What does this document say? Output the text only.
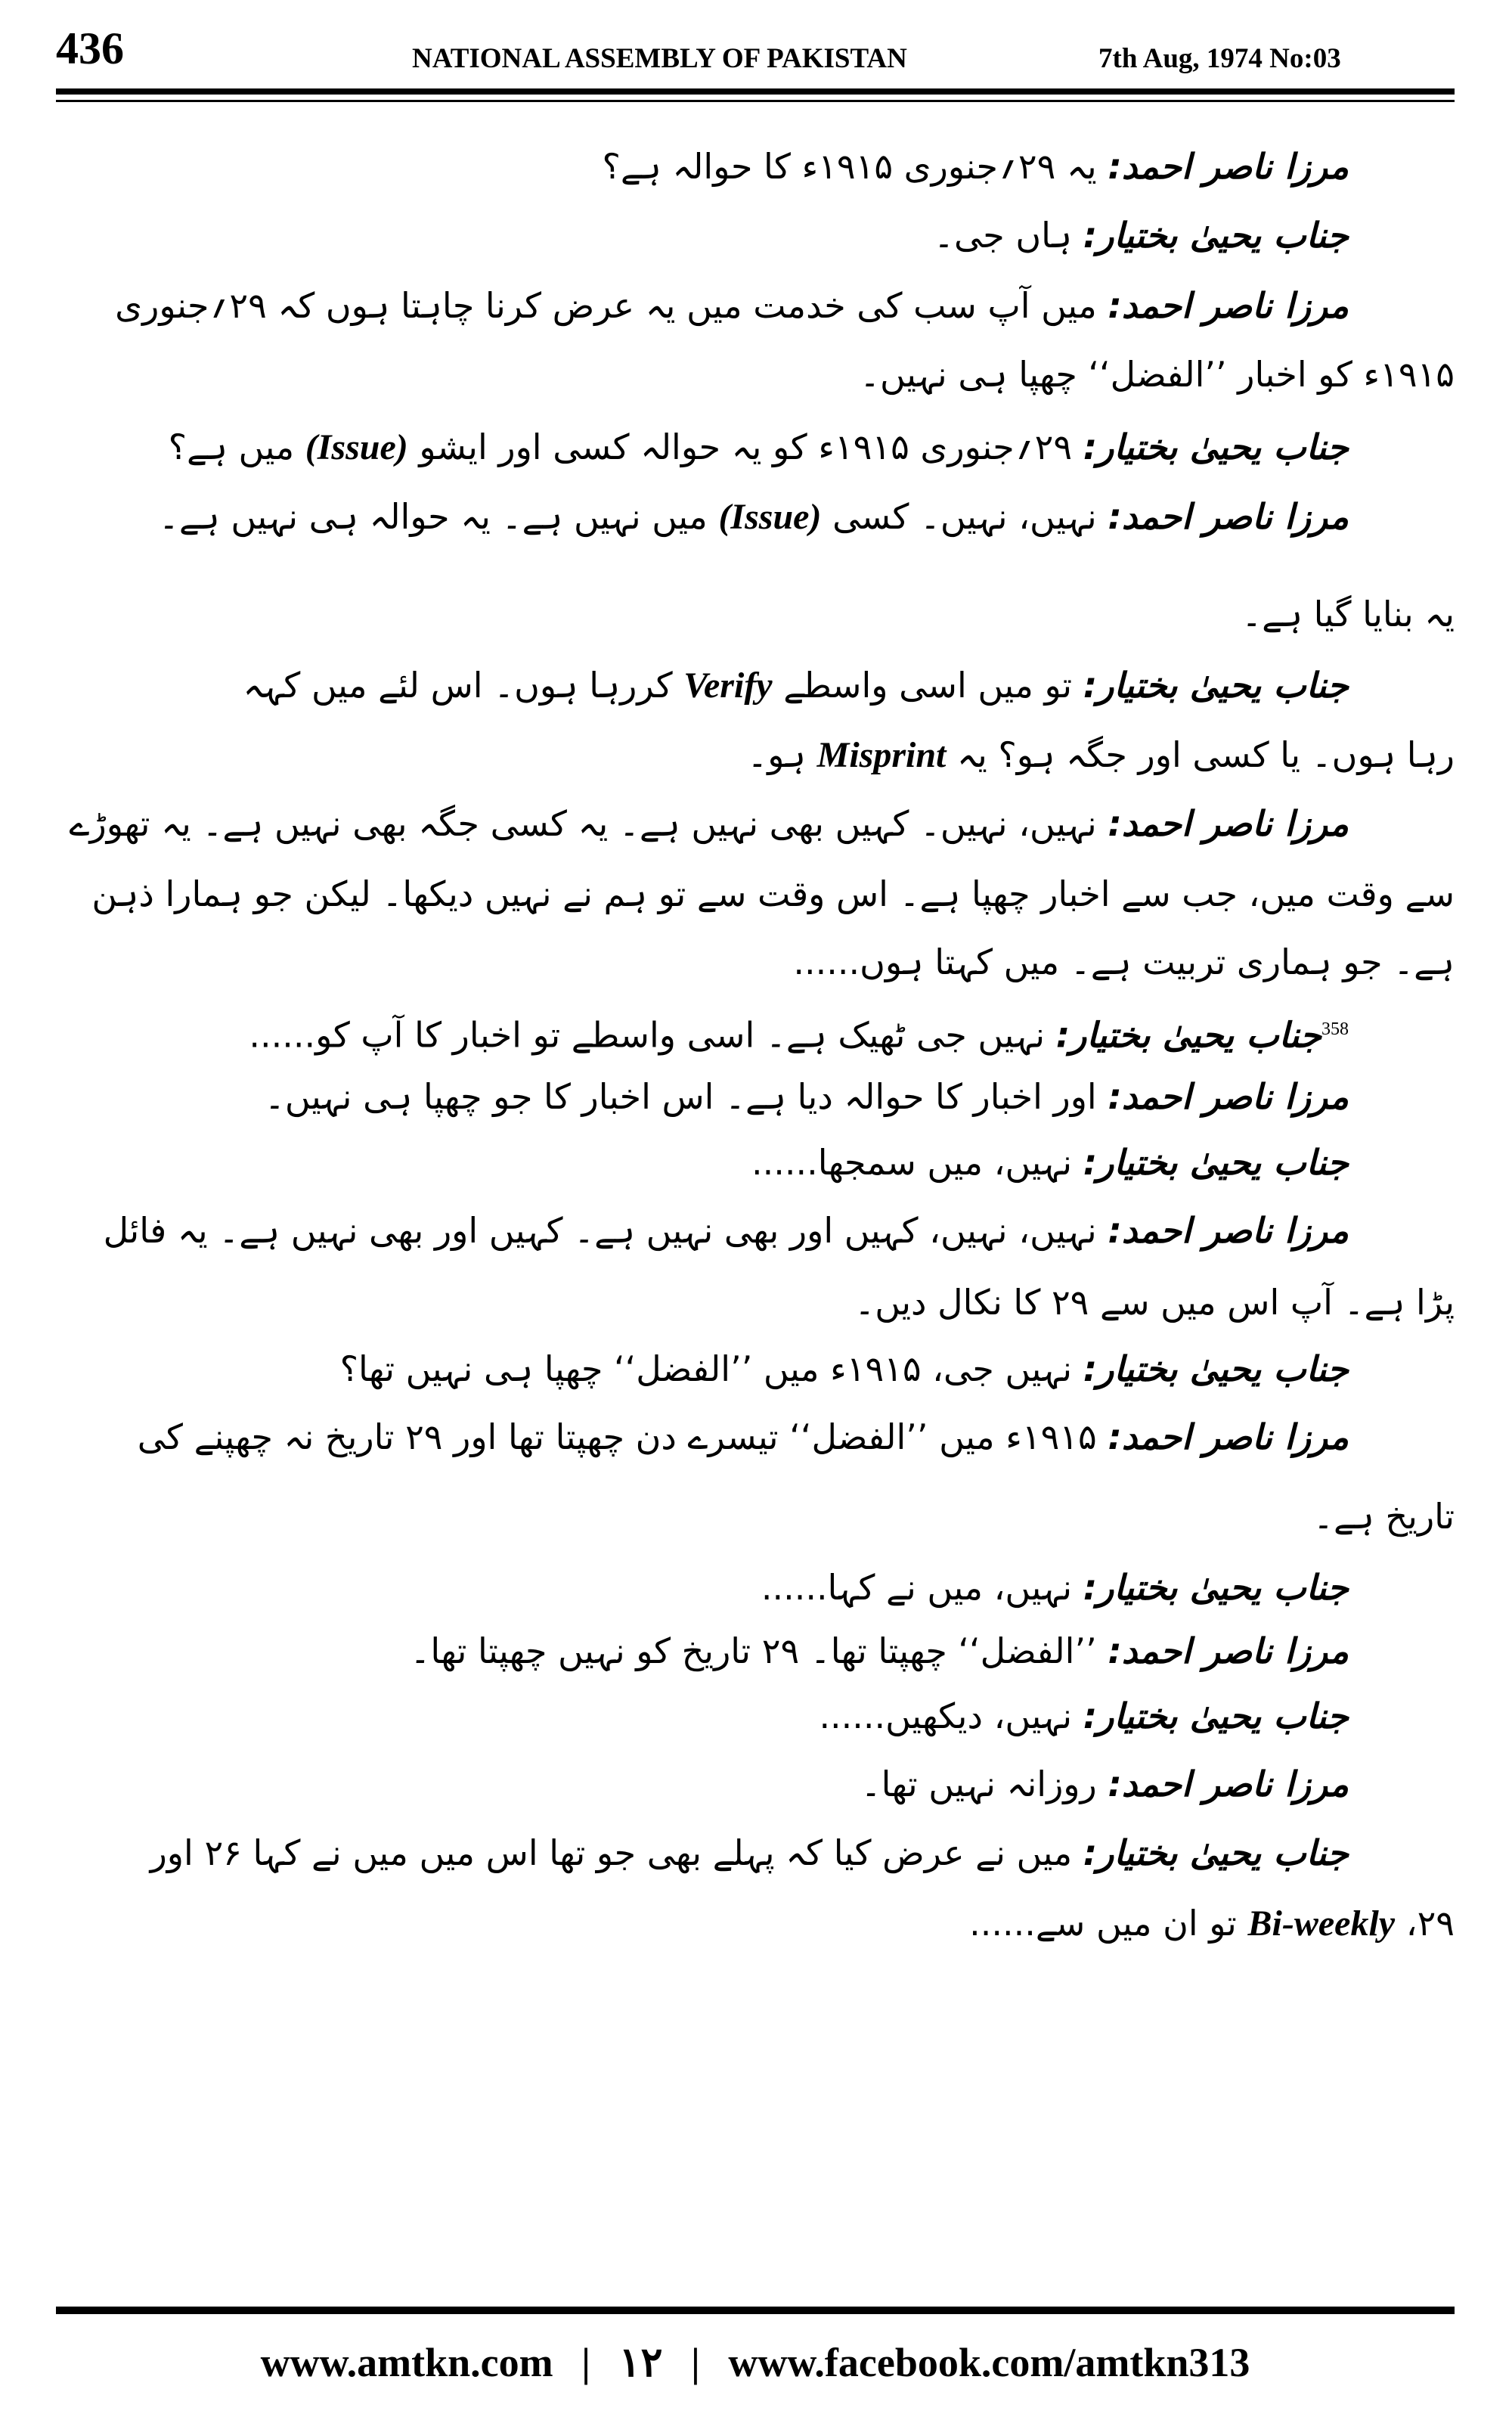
436	NATIONAL ASSEMBLY OF PAKISTAN	7th Aug, 1974 No:03
مرزا ناصر احمد: یہ ۲۹؍جنوری ۱۹۱۵ء کا حوالہ ہے؟
جناب یحییٰ بختیار: ہاں جی۔
مرزا ناصر احمد: میں آپ سب کی خدمت میں یہ عرض کرنا چاہتا ہوں کہ ۲۹؍جنوری
۱۹۱۵ء کو اخبار ’’الفضل‘‘ چھپا ہی نہیں۔
جناب یحییٰ بختیار: ۲۹؍جنوری ۱۹۱۵ء کو یہ حوالہ کسی اور ایشو (Issue) میں ہے؟
مرزا ناصر احمد: نہیں، نہیں۔ کسی (Issue) میں نہیں ہے۔ یہ حوالہ ہی نہیں ہے۔
یہ بنایا گیا ہے۔
جناب یحییٰ بختیار: تو میں اسی واسطے Verify کررہا ہوں۔ اس لئے میں کہہ
رہا ہوں۔ یا کسی اور جگہ ہو؟ یہ Misprint ہو۔
مرزا ناصر احمد: نہیں، نہیں۔ کہیں بھی نہیں ہے۔ یہ کسی جگہ بھی نہیں ہے۔ یہ تھوڑے
سے وقت میں، جب سے اخبار چھپا ہے۔ اس وقت سے تو ہم نے نہیں دیکھا۔ لیکن جو ہمارا ذہن
ہے۔ جو ہماری تربیت ہے۔ میں کہتا ہوں......
$^{358}$جناب یحییٰ بختیار: نہیں جی ٹھیک ہے۔ اسی واسطے تو اخبار کا آپ کو......
مرزا ناصر احمد: اور اخبار کا حوالہ دیا ہے۔ اس اخبار کا جو چھپا ہی نہیں۔
جناب یحییٰ بختیار: نہیں، میں سمجھا......
مرزا ناصر احمد: نہیں، نہیں، کہیں اور بھی نہیں ہے۔ کہیں اور بھی نہیں ہے۔ یہ فائل
پڑا ہے۔ آپ اس میں سے ۲۹ کا نکال دیں۔
جناب یحییٰ بختیار: نہیں جی، ۱۹۱۵ء میں ’’الفضل‘‘ چھپا ہی نہیں تھا؟
مرزا ناصر احمد: ۱۹۱۵ء میں ’’الفضل‘‘ تیسرے دن چھپتا تھا اور ۲۹ تاریخ نہ چھپنے کی
تاریخ ہے۔
جناب یحییٰ بختیار: نہیں، میں نے کہا......
مرزا ناصر احمد: ’’الفضل‘‘ چھپتا تھا۔ ۲۹ تاریخ کو نہیں چھپتا تھا۔
جناب یحییٰ بختیار: نہیں، دیکھیں......
مرزا ناصر احمد: روزانہ نہیں تھا۔
جناب یحییٰ بختیار: میں نے عرض کیا کہ پہلے بھی جو تھا اس میں میں نے کہا ۲۶ اور
۲۹، Bi-weekly تو ان میں سے......
www.amtkn.com | ۱۲ | www.facebook.com/amtkn313
